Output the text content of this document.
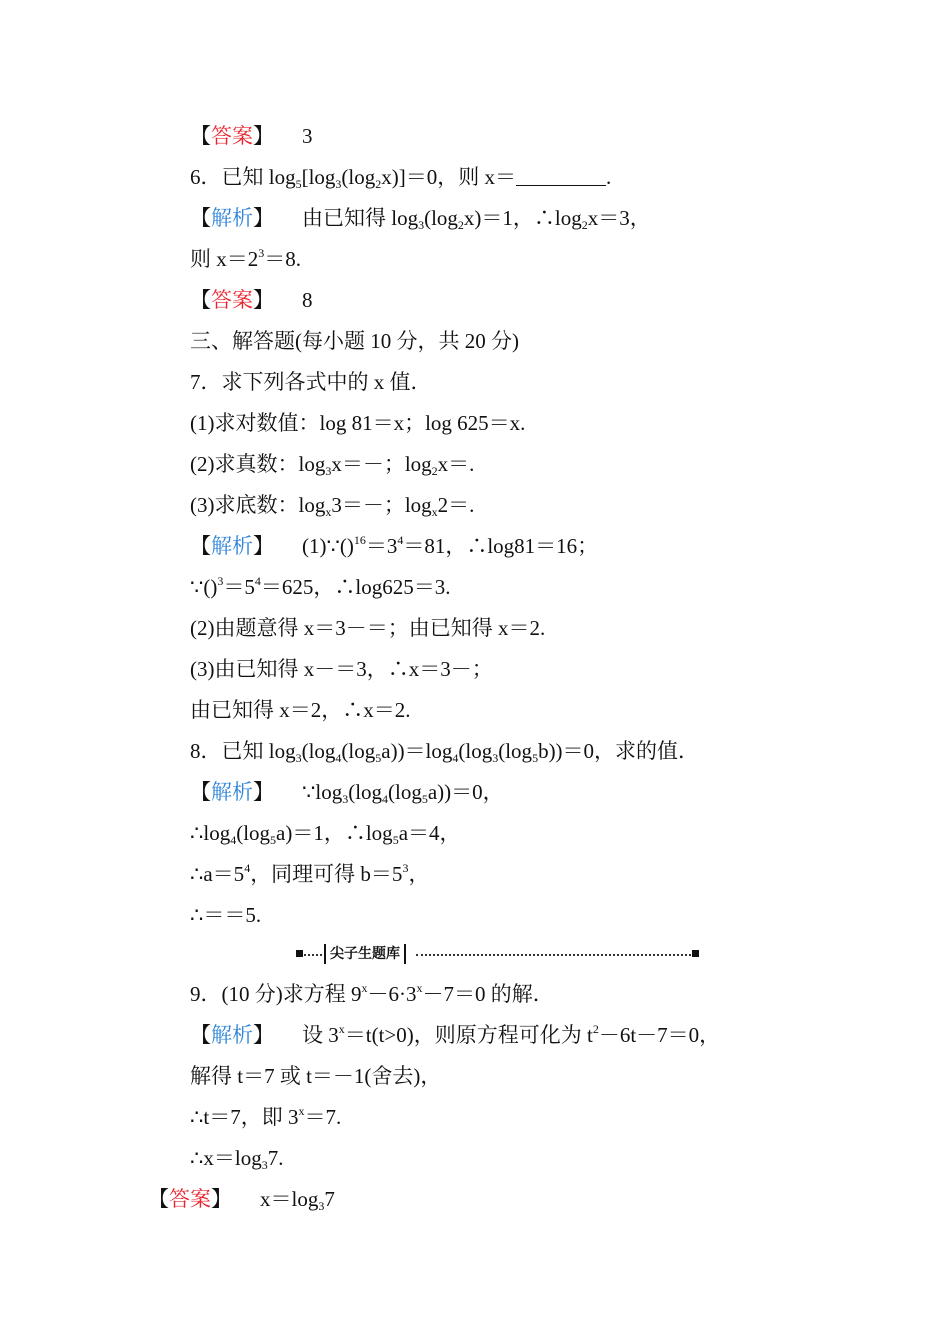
【答案】 3
6．已知 $\log_5[\log_3(\log_2x)]=0$，则 x＝	.
【解析】 由已知得 $\log_3(\log_2x)=1$，$\therefore\log_2x=3$，
则 $x=2^3=8$.
【答案】 8
三、解答题(每小题 10 分，共 20 分)
7．求下列各式中的 x 值．
(1)求对数值：log 81＝x；log 625＝x.
(2)求真数：$\log_3x=-$；$\log_2x=$.
(3)求底数：$\log_x3=-$；$\log_x2=$.
【解析】 $(1)\because()^{16}=3^4=81$，∴log81＝16；
$\because()^3=5^4=625$，∴log625＝3.
(2)由题意得 x＝3－＝；由已知得 x＝2.
(3)由已知得 x－＝3，∴x＝3－；
由已知得 x＝2，∴x＝2.
8．已知 $\log_3(\log_4(\log_5a))=\log_4(\log_3(\log_5b))=0$，求的值．
【解析】 $\because\log_3(\log_4(\log_5a))=0$，
$\therefore\log_4(\log_5a)=1$，$\therefore\log_5a=4$，
$\therefore a=5^4$，同理可得 $b=5^3$，
∴＝＝5.
尖子生题库
9．(10 分)求方程 $9^x-6\cdot 3^x-7=0$ 的解．
【解析】 设 $3^x=t(t>0)$，则原方程可化为 $t^2-6t-7=0$，
解得 t＝7 或 t＝－1(舍去)，
∴t＝7，即 $3^x=7$.
$\therefore x=\log_37$.
【答案】 $x=\log_37$
